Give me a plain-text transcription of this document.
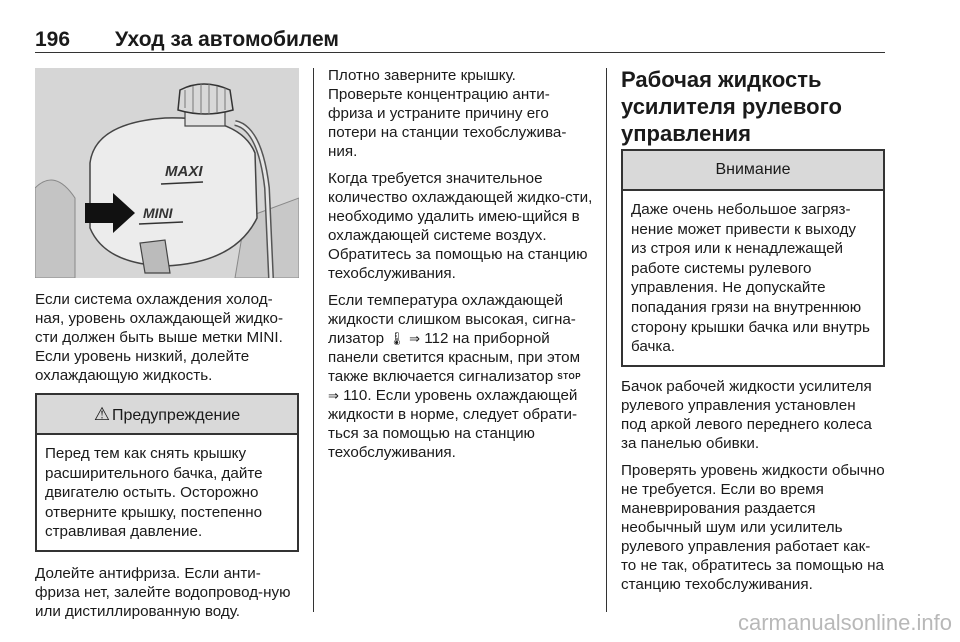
196 Уход за автомобилем
MAXI
MINI

Если система охлаждения холод-ная, уровень охлаждающей жидко-сти должен быть выше метки MINI. Если уровень низкий, долейте охлаждающую жидкость.

⚠ Предупреждение
Перед тем как снять крышку расширительного бачка, дайте двигателю остыть. Осторожно отверните крышку, постепенно стравливая давление.

Долейте антифриза. Если анти-фриза нет, залейте водопровод-ную или дистиллированную воду.

Плотно заверните крышку. Проверьте концентрацию анти-фриза и устраните причину его потери на станции техобслужива-ния.

Когда требуется значительное количество охлаждающей жидко-сти, необходимо удалить имею-щийся в охлаждающей системе воздух. Обратитесь за помощью на станцию техобслуживания.

Если температура охлаждающей жидкости слишком высокая, сигна-лизатор 🌡 ⇒ 112 на приборной панели светится красным, при этом также включается сигнализатор STOP ⇒ 110. Если уровень охлаждающей жидкости в норме, следует обрати-ться за помощью на станцию техобслуживания.

Рабочая жидкость усилителя рулевого управления
Внимание
Даже очень небольшое загряз-нение может привести к выходу из строя или к ненадлежащей работе системы рулевого управления. Не допускайте попадания грязи на внутреннюю сторону крышки бачка или внутрь бачка.

Бачок рабочей жидкости усилителя рулевого управления установлен под аркой левого переднего колеса за панелью обивки.

Проверять уровень жидкости обычно не требуется. Если во время маневрирования раздается необычный шум или усилитель рулевого управления работает как-то не так, обратитесь за помощью на станцию техобслуживания.

carmanualsonline.info
